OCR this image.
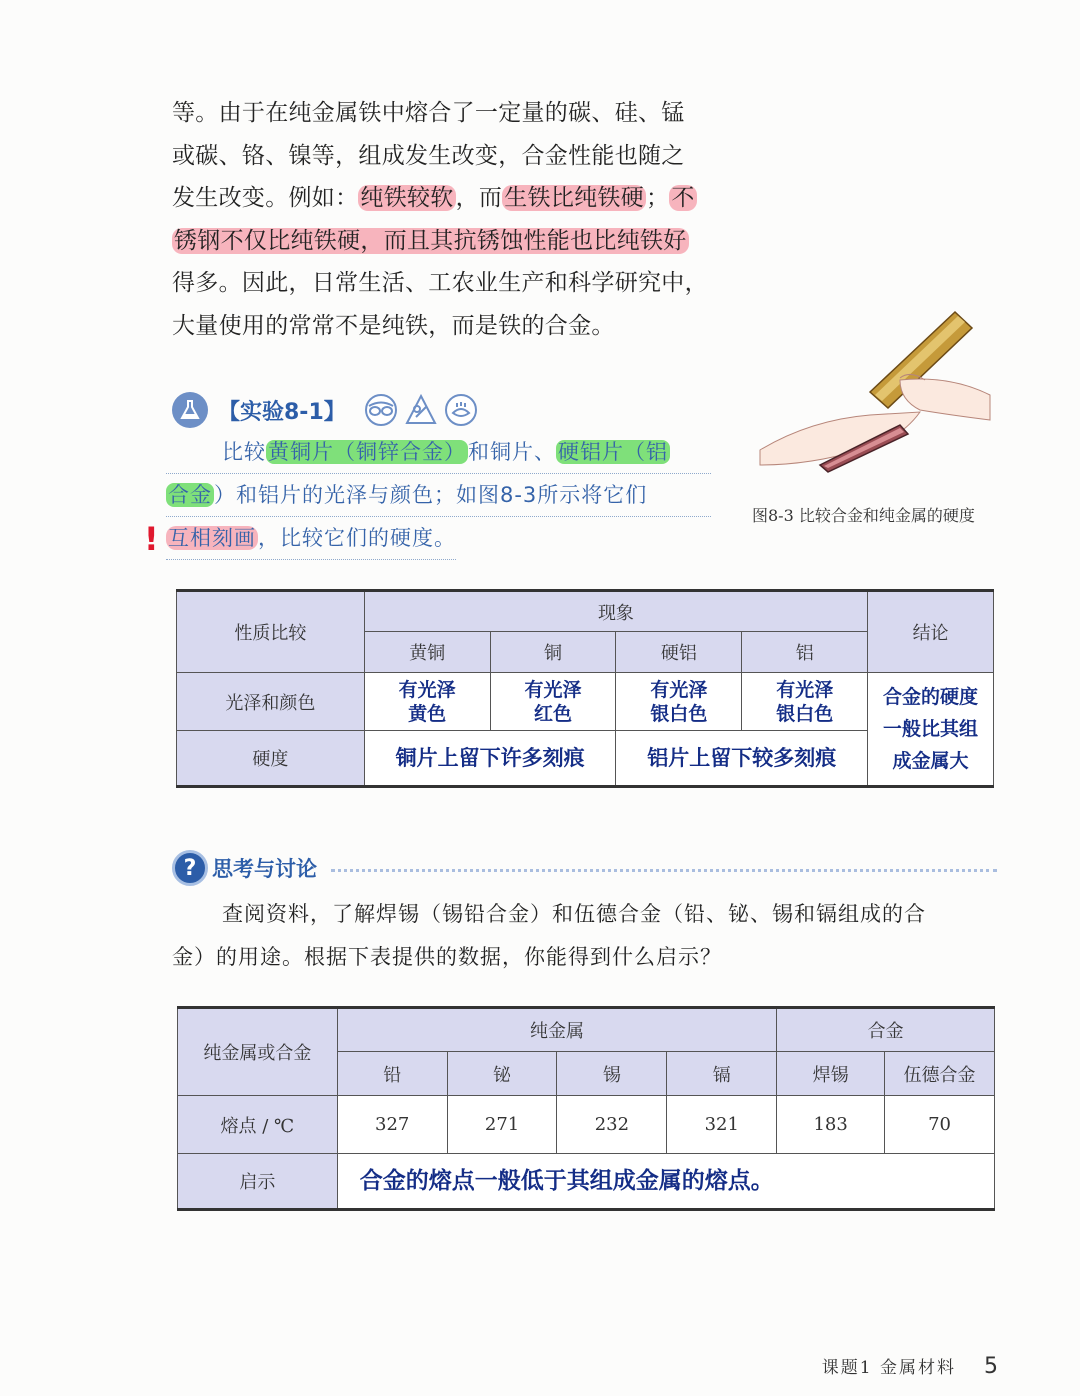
等。由于在纯金属铁中熔合了一定量的碳、硅、锰
或碳、铬、镍等，组成发生改变，合金性能也随之
发生改变。例如：纯铁较软，而生铁比纯铁硬；不
锈钢不仅比纯铁硬，而且其抗锈蚀性能也比纯铁好
得多。因此，日常生活、工农业生产和科学研究中，
大量使用的常常不是纯铁，而是铁的合金。
【实验8-1】
比较黄铜片（铜锌合金）和铜片、硬铝片（铝
合金）和铝片的光泽与颜色；如图8-3所示将它们
互相刻画，比较它们的硬度。
!
图8-3 比较合金和纯金属的硬度
性质比较	现象				结论
	黄铜	铜	硬铝	铝	
光泽和颜色	有光泽
黄色	有光泽
红色	有光泽
银白色	有光泽
银白色	合金的硬度一般比其组成金属大

硬度	铜片上留下许多刻痕		铝片上留下较多刻痕		
? 思考与讨论
查阅资料，了解焊锡（锡铅合金）和伍德合金（铅、铋、锡和镉组成的合
金）的用途。根据下表提供的数据，你能得到什么启示？
纯金属或合金	纯金属				合金	
	铅	铋	锡	镉	焊锡	伍德合金
熔点 / ℃	327	271	232	321	183	70
启示	合金的熔点一般低于其组成金属的熔点。					
课题1 金属材料 5
